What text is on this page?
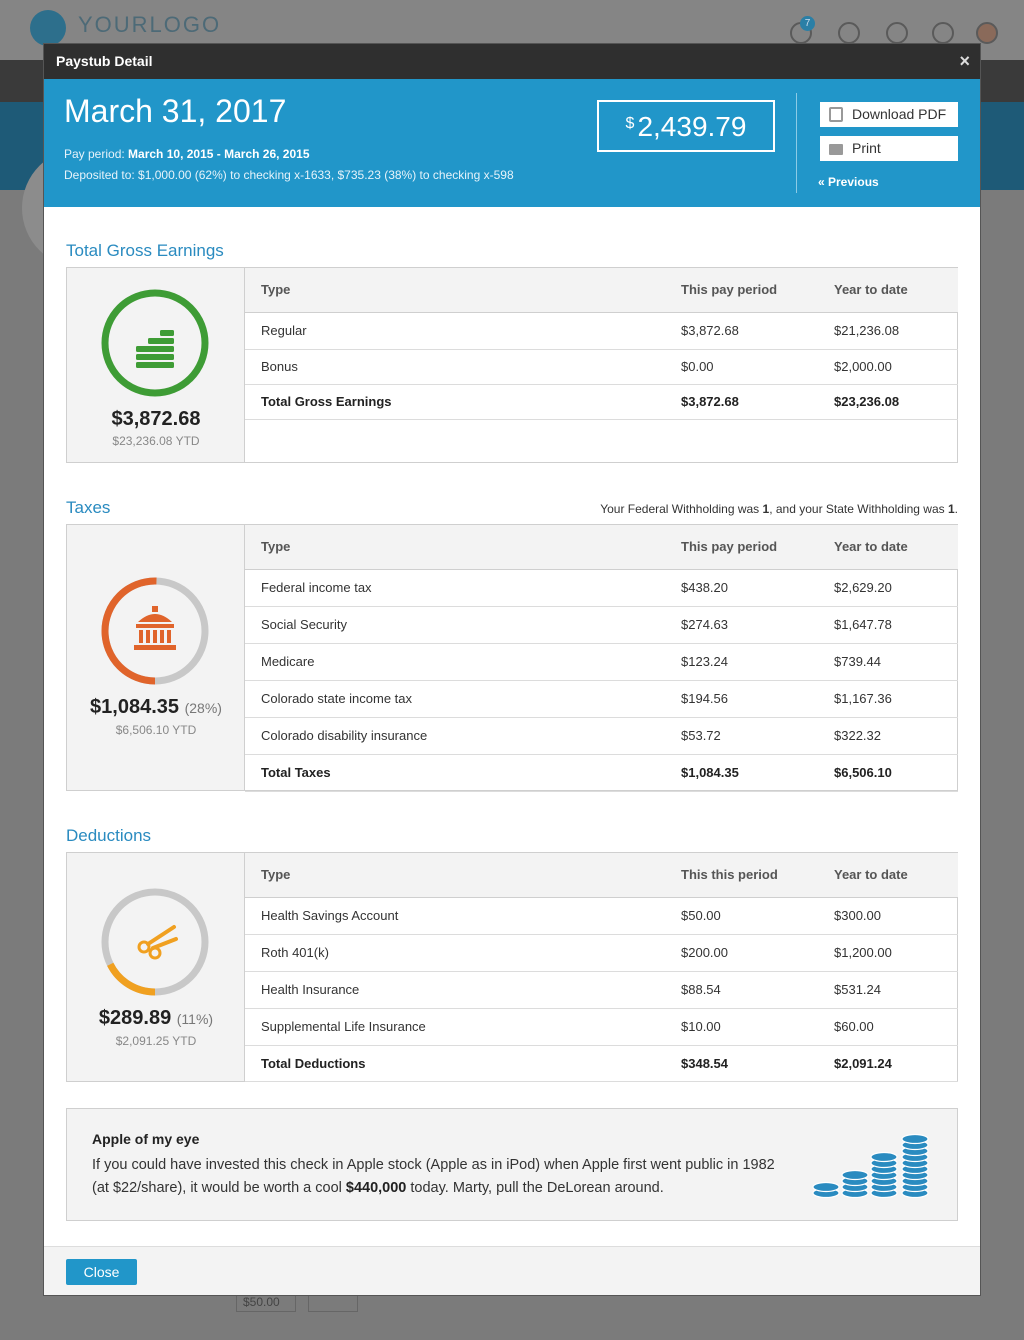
YOURLOGO	7
$50.00
Paystub Detail	×
March 31, 2017
Pay period: March 10, 2015 - March 26, 2015
Deposited to: $1,000.00 (62%) to checking x-1633, $735.23 (38%) to checking x-598
$ 2,439.79	Download PDF
Print
« Previous
Total Gross Earnings
$3,872.68
$23,236.08 YTD
Type	This pay period	Year to date
Regular	$3,872.68	$21,236.08
Bonus	$0.00	$2,000.00
Total Gross Earnings	$3,872.68	$23,236.08
Taxes	Your Federal Withholding was 1, and your State Withholding was 1.
$1,084.35 (28%)
$6,506.10 YTD
Type	This pay period	Year to date
Federal income tax	$438.20	$2,629.20
Social Security	$274.63	$1,647.78
Medicare	$123.24	$739.44
Colorado state income tax	$194.56	$1,167.36
Colorado disability insurance	$53.72	$322.32
Total Taxes	$1,084.35	$6,506.10
Deductions
$289.89 (11%)
$2,091.25 YTD
Type	This this period	Year to date
Health Savings Account	$50.00	$300.00
Roth 401(k)	$200.00	$1,200.00
Health Insurance	$88.54	$531.24
Supplemental Life Insurance	$10.00	$60.00
Total Deductions	$348.54	$2,091.24
Apple of my eye
If you could have invested this check in Apple stock (Apple as in iPod) when Apple first went public in 1982 (at $22/share), it would be worth a cool $440,000 today. Marty, pull the DeLorean around.
Close
